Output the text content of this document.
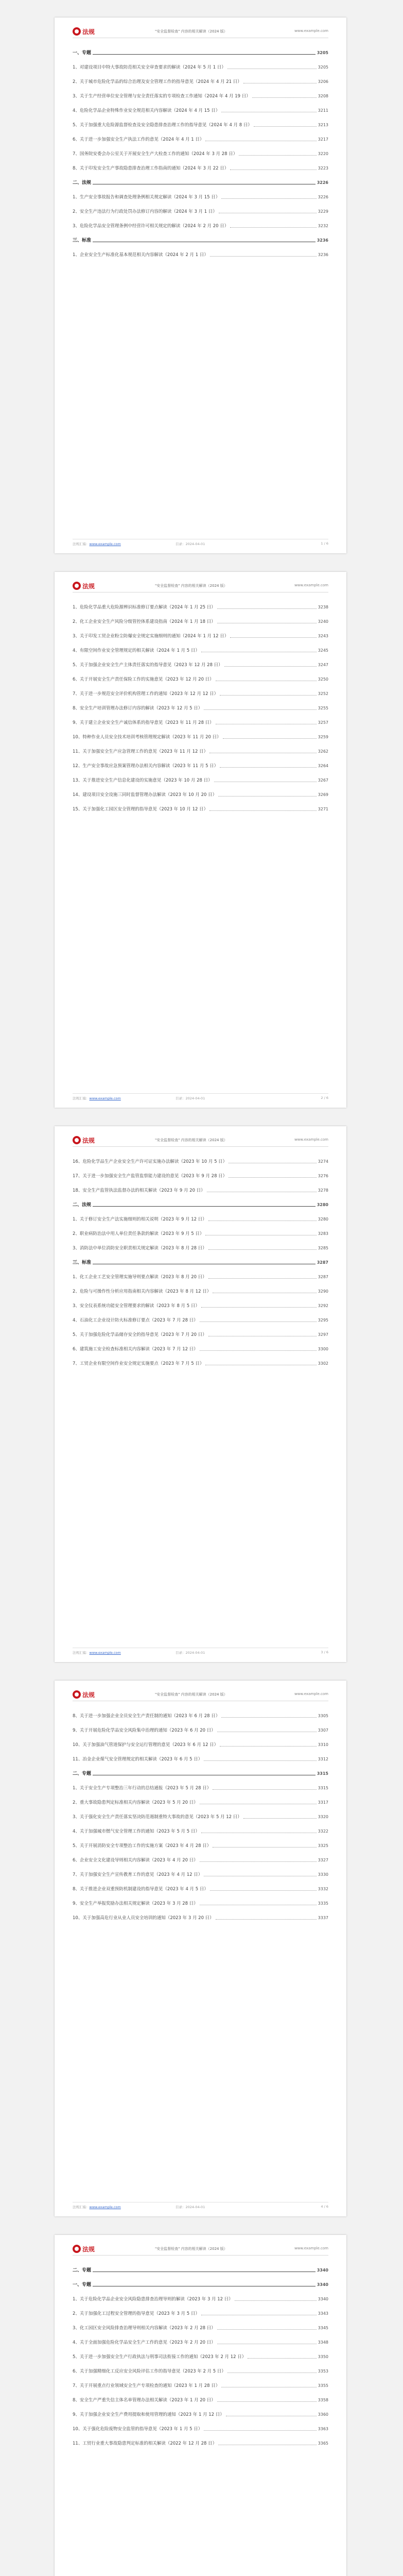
法规	"安全监督检查" 内容的相关解读（2024 版）	www.example.com
一、专题	3205
1、对建设项目中特大事故防范相关安全审查要求的解读（2024 年 5 月 1 日）	3205
2、关于城市危险化学品的综合治理及安全管理工作的指导意见（2024 年 4 月 21 日）	3206
3、关于生产经营单位安全管理与安全责任落实的专项检查工作通知（2024 年 4 月 19 日）	3208
4、危险化学品企业特殊作业安全规范相关内容解读（2024 年 4 月 15 日）	3211
5、关于加强重大危险源监督检查及安全隐患排查治理工作的指导意见（2024 年 4 月 8 日）	3213
6、关于进一步加强安全生产执法工作的意见（2024 年 4 月 1 日）	3217
7、国务院安委会办公室关于开展安全生产大检查工作的通知（2024 年 3 月 28 日）	3220
8、关于印发安全生产事故隐患排查治理工作指南的通知（2024 年 3 月 22 日）	3223
二、法规	3226
1、生产安全事故报告和调查处理条例相关规定解读（2024 年 3 月 15 日）	3226
2、安全生产违法行为行政处罚办法修订内容的解读（2024 年 3 月 1 日）	3229
3、危险化学品安全管理条例中经营许可相关规定的解读（2024 年 2 月 20 日）	3232
三、标准	3236
1、企业安全生产标准化基本规范相关内容解读（2024 年 2 月 1 日）	3236
法规汇编：www.example.com	目录：2024-04-01	1 / 6
法规	"安全监督检查" 内容的相关解读（2024 版）	www.example.com
1、危险化学品重大危险源辨识标准修订要点解读（2024 年 1 月 25 日）	3238
2、化工企业安全生产风险分级管控体系建设指南（2024 年 1 月 18 日）	3240
3、关于印发工贸企业粉尘防爆安全规定实施细则的通知（2024 年 1 月 12 日）	3243
4、有限空间作业安全管理规定的相关解读（2024 年 1 月 5 日）	3245
5、关于加强企业安全生产主体责任落实的指导意见（2023 年 12 月 28 日）	3247
6、关于开展安全生产责任保险工作的实施意见（2023 年 12 月 20 日）	3250
7、关于进一步规范安全评价机构管理工作的通知（2023 年 12 月 12 日）	3252
8、安全生产培训管理办法修订内容的解读（2023 年 12 月 5 日）	3255
9、关于建立企业安全生产诚信体系的指导意见（2023 年 11 月 28 日）	3257
10、特种作业人员安全技术培训考核管理规定解读（2023 年 11 月 20 日）	3259
11、关于加强安全生产应急管理工作的意见（2023 年 11 月 12 日）	3262
12、生产安全事故应急预案管理办法相关内容解读（2023 年 11 月 5 日）	3264
13、关于推进安全生产信息化建设的实施意见（2023 年 10 月 28 日）	3267
14、建设项目安全设施三同时监督管理办法解读（2023 年 10 月 20 日）	3269
15、关于加强化工园区安全管理的指导意见（2023 年 10 月 12 日）	3271
法规汇编：www.example.com	目录：2024-04-01	2 / 6
法规	"安全监督检查" 内容的相关解读（2024 版）	www.example.com
16、危险化学品生产企业安全生产许可证实施办法解读（2023 年 10 月 5 日）	3274
17、关于进一步加强安全生产监管监察能力建设的意见（2023 年 9 月 28 日）	3276
18、安全生产监管执法监督办法的相关解读（2023 年 9 月 20 日）	3278
二、法规	3280
1、关于修订安全生产法实施细则的相关说明（2023 年 9 月 12 日）	3280
2、职业病防治法中用人单位责任条款的解读（2023 年 9 月 5 日）	3283
3、消防法中单位消防安全职责相关规定解读（2023 年 8 月 28 日）	3285
三、标准	3287
1、化工企业工艺安全管理实施导则要点解读（2023 年 8 月 20 日）	3287
2、危险与可操作性分析应用指南相关内容解读（2023 年 8 月 12 日）	3290
3、安全仪表系统功能安全管理要求的解读（2023 年 8 月 5 日）	3292
4、石油化工企业设计防火标准修订要点（2023 年 7 月 28 日）	3295
5、关于加强危险化学品储存安全的指导意见（2023 年 7 月 20 日）	3297
6、建筑施工安全检查标准相关内容解读（2023 年 7 月 12 日）	3300
7、工贸企业有限空间作业安全规定实施要点（2023 年 7 月 5 日）	3302
法规汇编：www.example.com	目录：2024-04-01	3 / 6
法规	"安全监督检查" 内容的相关解读（2024 版）	www.example.com
8、关于进一步加强企业全员安全生产责任制的通知（2023 年 6 月 28 日）	3305
9、关于开展危险化学品安全风险集中治理的通知（2023 年 6 月 20 日）	3307
10、关于加强油气管道保护与安全运行管理的意见（2023 年 6 月 12 日）	3310
11、冶金企业煤气安全管理规定的相关解读（2023 年 6 月 5 日）	3312
二、专题	3315
1、关于安全生产专项整治三年行动的总结通报（2023 年 5 月 28 日）	3315
2、重大事故隐患判定标准相关内容解读（2023 年 5 月 20 日）	3317
3、关于强化安全生产责任落实坚决防范遏制重特大事故的意见（2023 年 5 月 12 日）	3320
4、关于加强城市燃气安全管理工作的通知（2023 年 5 月 5 日）	3322
5、关于开展消防安全专项整治工作的实施方案（2023 年 4 月 28 日）	3325
6、企业安全文化建设导则相关内容解读（2023 年 4 月 20 日）	3327
7、关于加强安全生产宣传教育工作的意见（2023 年 4 月 12 日）	3330
8、关于推进企业双重预防机制建设的指导意见（2023 年 4 月 5 日）	3332
9、安全生产举报奖励办法相关规定解读（2023 年 3 月 28 日）	3335
10、关于加强高危行业从业人员安全培训的通知（2023 年 3 月 20 日）	3337
法规汇编：www.example.com	目录：2024-04-01	4 / 6
法规	"安全监督检查" 内容的相关解读（2024 版）	www.example.com
二、专题	3340
一、专题	3340
1、关于危险化学品企业安全风险隐患排查治理导则的解读（2023 年 3 月 12 日）	3340
2、关于加强化工过程安全管理的指导意见（2023 年 3 月 5 日）	3343
3、化工园区安全风险排查治理导则相关内容解读（2023 年 2 月 28 日）	3345
4、关于全面加强危险化学品安全生产工作的意见（2023 年 2 月 20 日）	3348
5、关于进一步加强安全生产行政执法与刑事司法衔接工作的通知（2023 年 2 月 12 日）	3350
6、关于加强精细化工反应安全风险评估工作的指导意见（2023 年 2 月 5 日）	3353
7、关于开展重点行业领域安全生产专项检查的通知（2023 年 1 月 28 日）	3355
8、安全生产严重失信主体名单管理办法相关解读（2023 年 1 月 20 日）	3358
9、关于加强企业安全生产费用提取和使用管理的通知（2023 年 1 月 12 日）	3360
10、关于强化危险废物安全监管的指导意见（2023 年 1 月 5 日）	3363
11、工贸行业重大事故隐患判定标准的相关解读（2022 年 12 月 28 日）	3365
